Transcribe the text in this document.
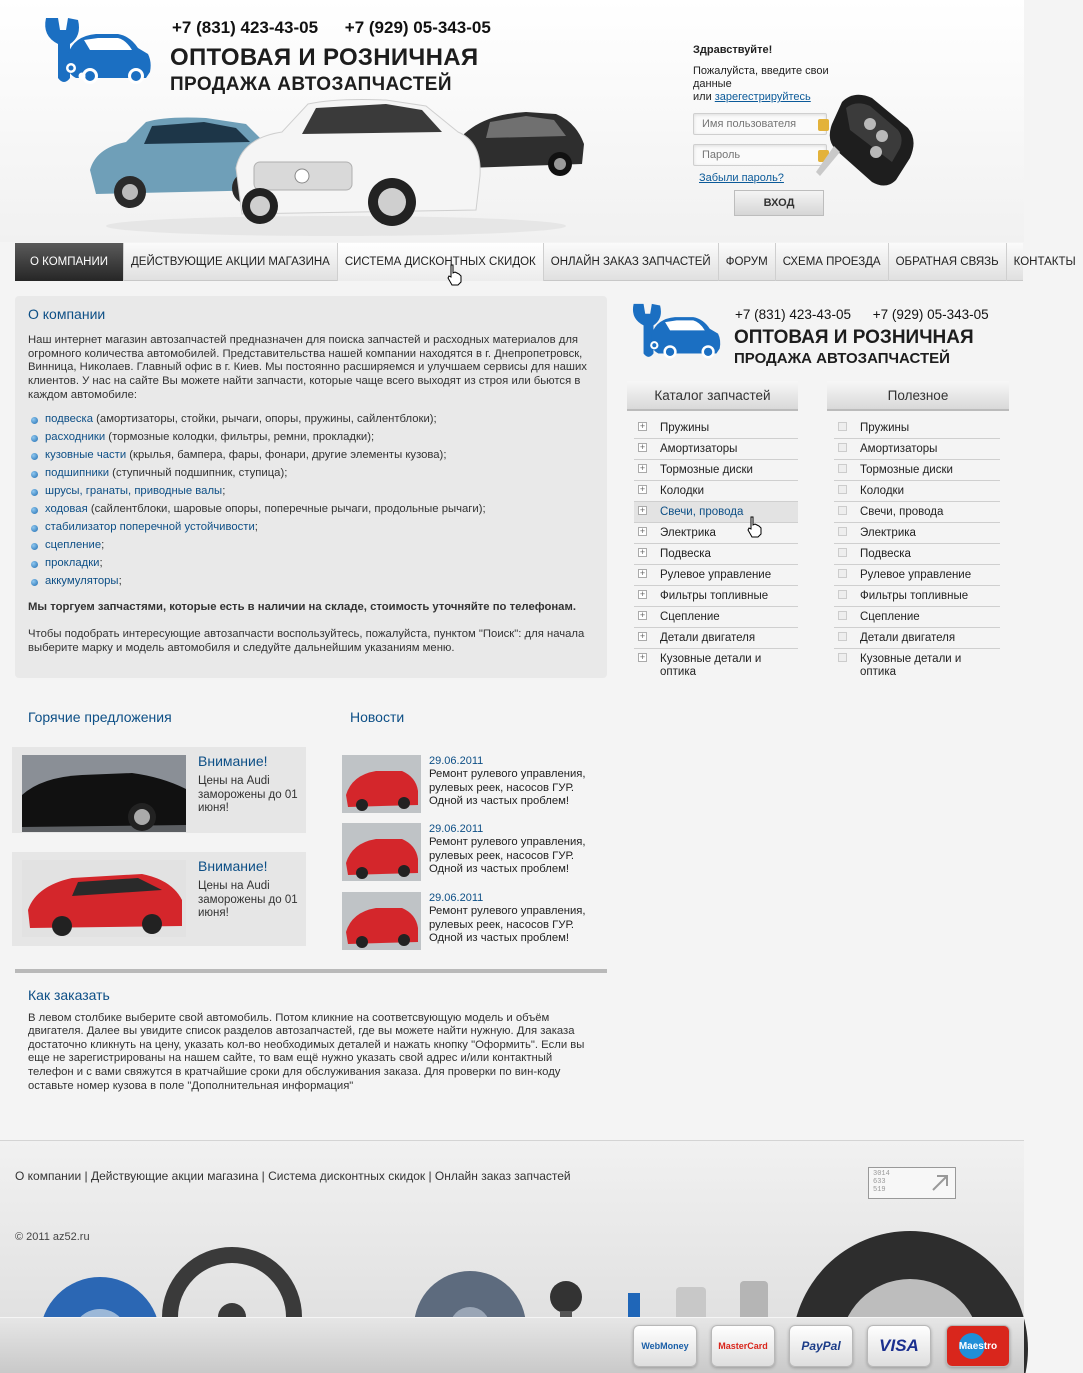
+7 (831) 423-43-05 +7 (929) 05-343-05
ОПТОВАЯ И РОЗНИЧНАЯ
ПРОДАЖА АВТОЗАПЧАСТЕЙ
Здравствуйте!
Пожалуйста, введите свои данные
или зарегестрируйтесь
Имя пользователя
Забыли пароль?
ВХОД
О КОМПАНИИ	ДЕЙСТВУЮЩИЕ АКЦИИ МАГАЗИНА	СИСТЕМА ДИСКОНТНЫХ СКИДОК	ОНЛАЙН ЗАКАЗ ЗАПЧАСТЕЙ	ФОРУМ	СХЕМА ПРОЕЗДА	ОБРАТНАЯ СВЯЗЬ	КОНТАКТЫ
О компании
Наш интернет магазин автозапчастей предназначен для поиска запчастей и расходных материалов для огромного количества автомобилей. Представительства нашей компании находятся в г. Днепропетровск, Винница, Николаев. Главный офис в г. Киев. Мы постоянно расширяемся и улучшаем сервисы для наших клиентов. У нас на сайте Вы можете найти запчасти, которые чаще всего выходят из строя или бьются в каждом автомобиле:
подвеска (амортизаторы, стойки, рычаги, опоры, пружины, сайлентблоки);
расходники (тормозные колодки, фильтры, ремни, прокладки);
кузовные части (крылья, бампера, фары, фонари, другие элементы кузова);
подшипники (ступичный подшипник, ступица);
шрусы, гранаты, приводные валы;
ходовая (сайлентблоки, шаровые опоры, поперечные рычаги, продольные рычаги);
стабилизатор поперечной устойчивости;
сцепление;
прокладки;
аккумуляторы;
Мы торгуем запчастями, которые есть в наличии на складе, стоимость уточняйте по телефонам.
Чтобы подобрать интересующие автозапчасти воспользуйтесь, пожалуйста, пунктом "Поиск": для начала выберите марку и модель автомобиля и следуйте дальнейшим указаниям меню.
+7 (831) 423-43-05 +7 (929) 05-343-05
ОПТОВАЯ И РОЗНИЧНАЯ
ПРОДАЖА АВТОЗАПЧАСТЕЙ
Каталог запчастей
+ Пружины
+ Амортизаторы
+ Тормозные диски
+ Колодки
+ Свечи, провода
+ Электрика
+ Подвеска
+ Рулевое управление
+ Фильтры топливные
+ Сцепление
+ Детали двигателя
+ Кузовные детали и оптика
Полезное
Пружины
Амортизаторы
Тормозные диски
Колодки
Свечи, провода
Электрика
Подвеска
Рулевое управление
Фильтры топливные
Сцепление
Детали двигателя
Кузовные детали и оптика
Горячие предложения
Внимание!
Цены на Audi заморожены до 01 июня!
Внимание!
Цены на Audi заморожены до 01 июня!
Новости
29.06.2011
Ремонт рулевого управления, рулевых реек, насосов ГУР. Одной из частых проблем!
29.06.2011
Ремонт рулевого управления, рулевых реек, насосов ГУР. Одной из частых проблем!
29.06.2011
Ремонт рулевого управления, рулевых реек, насосов ГУР. Одной из частых проблем!
Как заказать
В левом столбике выберите свой автомобиль. Потом кликние на соответсвующую модель и объём двигателя. Далее вы увидите список разделов автозапчастей, где вы можете найти нужную. Для заказа достаточно кликнуть на цену, указать кол-во необходимых деталей и нажать кнопку "Оформить". Если вы еще не зарегистрированы на нашем сайте, то вам ещё нужно указать свой адрес и/или контактный телефон и с вами свяжутся в кратчайшие сроки для обслуживания заказа. Для проверки по вин-коду оставьте номер кузова в поле "Дополнительная информация"
О компании | Действующие акции магазина | Система дисконтных скидок | Онлайн заказ запчастей	3014
633
519
© 2011 az52.ru
WebMoney	MasterCard	PayPal	VISA	Maestro
